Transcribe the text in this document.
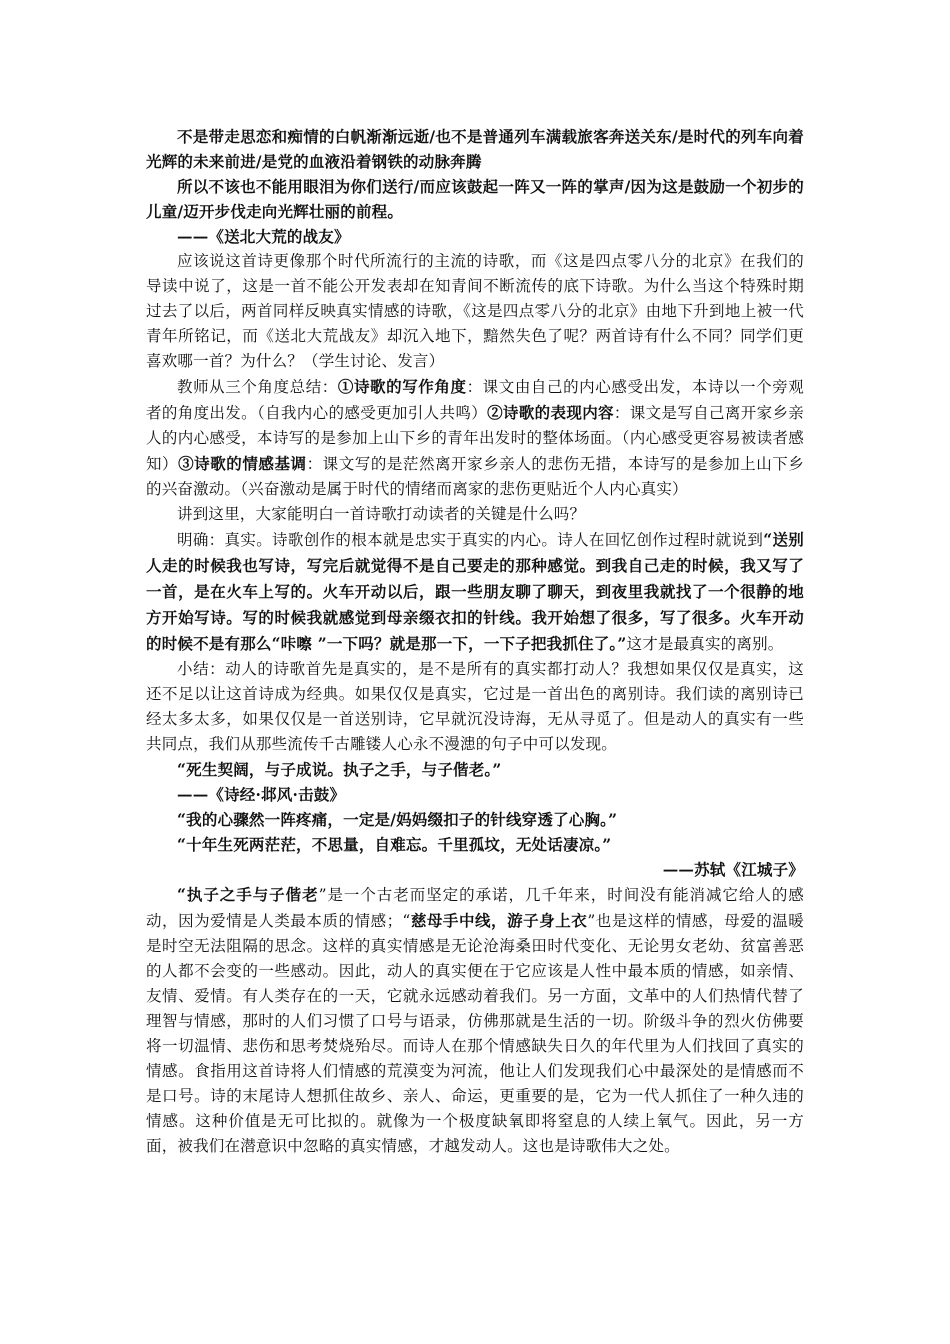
不是带走思恋和痴情的白帆渐渐远逝/也不是普通列车满载旅客奔送关东/是时代的列车向着光辉的未来前进/是党的血液沿着钢铁的动脉奔腾

所以不该也不能用眼泪为你们送行/而应该鼓起一阵又一阵的掌声/因为这是鼓励一个初步的儿童/迈开步伐走向光辉壮丽的前程。

——《送北大荒的战友》

应该说这首诗更像那个时代所流行的主流的诗歌，而《这是四点零八分的北京》在我们的导读中说了，这是一首不能公开发表却在知青间不断流传的底下诗歌。为什么当这个特殊时期过去了以后，两首同样反映真实情感的诗歌，《这是四点零八分的北京》由地下升到地上被一代青年所铭记，而《送北大荒战友》却沉入地下，黯然失色了呢？两首诗有什么不同？同学们更喜欢哪一首？为什么？（学生讨论、发言）

教师从三个角度总结：①诗歌的写作角度：课文由自己的内心感受出发，本诗以一个旁观者的角度出发。（自我内心的感受更加引人共鸣）②诗歌的表现内容：课文是写自己离开家乡亲人的内心感受，本诗写的是参加上山下乡的青年出发时的整体场面。（内心感受更容易被读者感知）③诗歌的情感基调：课文写的是茫然离开家乡亲人的悲伤无措，本诗写的是参加上山下乡的兴奋激动。（兴奋激动是属于时代的情绪而离家的悲伤更贴近个人内心真实）

讲到这里，大家能明白一首诗歌打动读者的关键是什么吗？

明确：真实。诗歌创作的根本就是忠实于真实的内心。诗人在回忆创作过程时就说到“送别人走的时候我也写诗，写完后就觉得不是自己要走的那种感觉。到我自己走的时候，我又写了一首，是在火车上写的。火车开动以后，跟一些朋友聊了聊天，到夜里我就找了一个很静的地方开始写诗。写的时候我就感觉到母亲缀衣扣的针线。我开始想了很多，写了很多。火车开动的时候不是有那么“咔嚓 ”一下吗？就是那一下，一下子把我抓住了。”这才是最真实的离别。

小结：动人的诗歌首先是真实的，是不是所有的真实都打动人？我想如果仅仅是真实，这还不足以让这首诗成为经典。如果仅仅是真实，它过是一首出色的离别诗。我们读的离别诗已经太多太多，如果仅仅是一首送别诗，它早就沉没诗海，无从寻觅了。但是动人的真实有一些共同点，我们从那些流传千古雕镂人心永不漫漶的句子中可以发现。

“死生契阔，与子成说。执子之手，与子偕老。”

——《诗经·邶风·击鼓》

“我的心骤然一阵疼痛，一定是/妈妈缀扣子的针线穿透了心胸。”

“十年生死两茫茫，不思量，自难忘。千里孤坟，无处话凄凉。”

——苏轼《江城子》

“执子之手与子偕老”是一个古老而坚定的承诺，几千年来，时间没有能消减它给人的感动，因为爱情是人类最本质的情感；“慈母手中线，游子身上衣”也是这样的情感，母爱的温暖是时空无法阻隔的思念。这样的真实情感是无论沧海桑田时代变化、无论男女老幼、贫富善恶的人都不会变的一些感动。因此，动人的真实便在于它应该是人性中最本质的情感，如亲情、友情、爱情。有人类存在的一天，它就永远感动着我们。另一方面，文革中的人们热情代替了理智与情感，那时的人们习惯了口号与语录，仿佛那就是生活的一切。阶级斗争的烈火仿佛要将一切温情、悲伤和思考焚烧殆尽。而诗人在那个情感缺失日久的年代里为人们找回了真实的情感。食指用这首诗将人们情感的荒漠变为河流，他让人们发现我们心中最深处的是情感而不是口号。诗的末尾诗人想抓住故乡、亲人、命运，更重要的是，它为一代人抓住了一种久违的情感。这种价值是无可比拟的。就像为一个极度缺氧即将窒息的人续上氧气。因此，另一方面，被我们在潜意识中忽略的真实情感，才越发动人。这也是诗歌伟大之处。
